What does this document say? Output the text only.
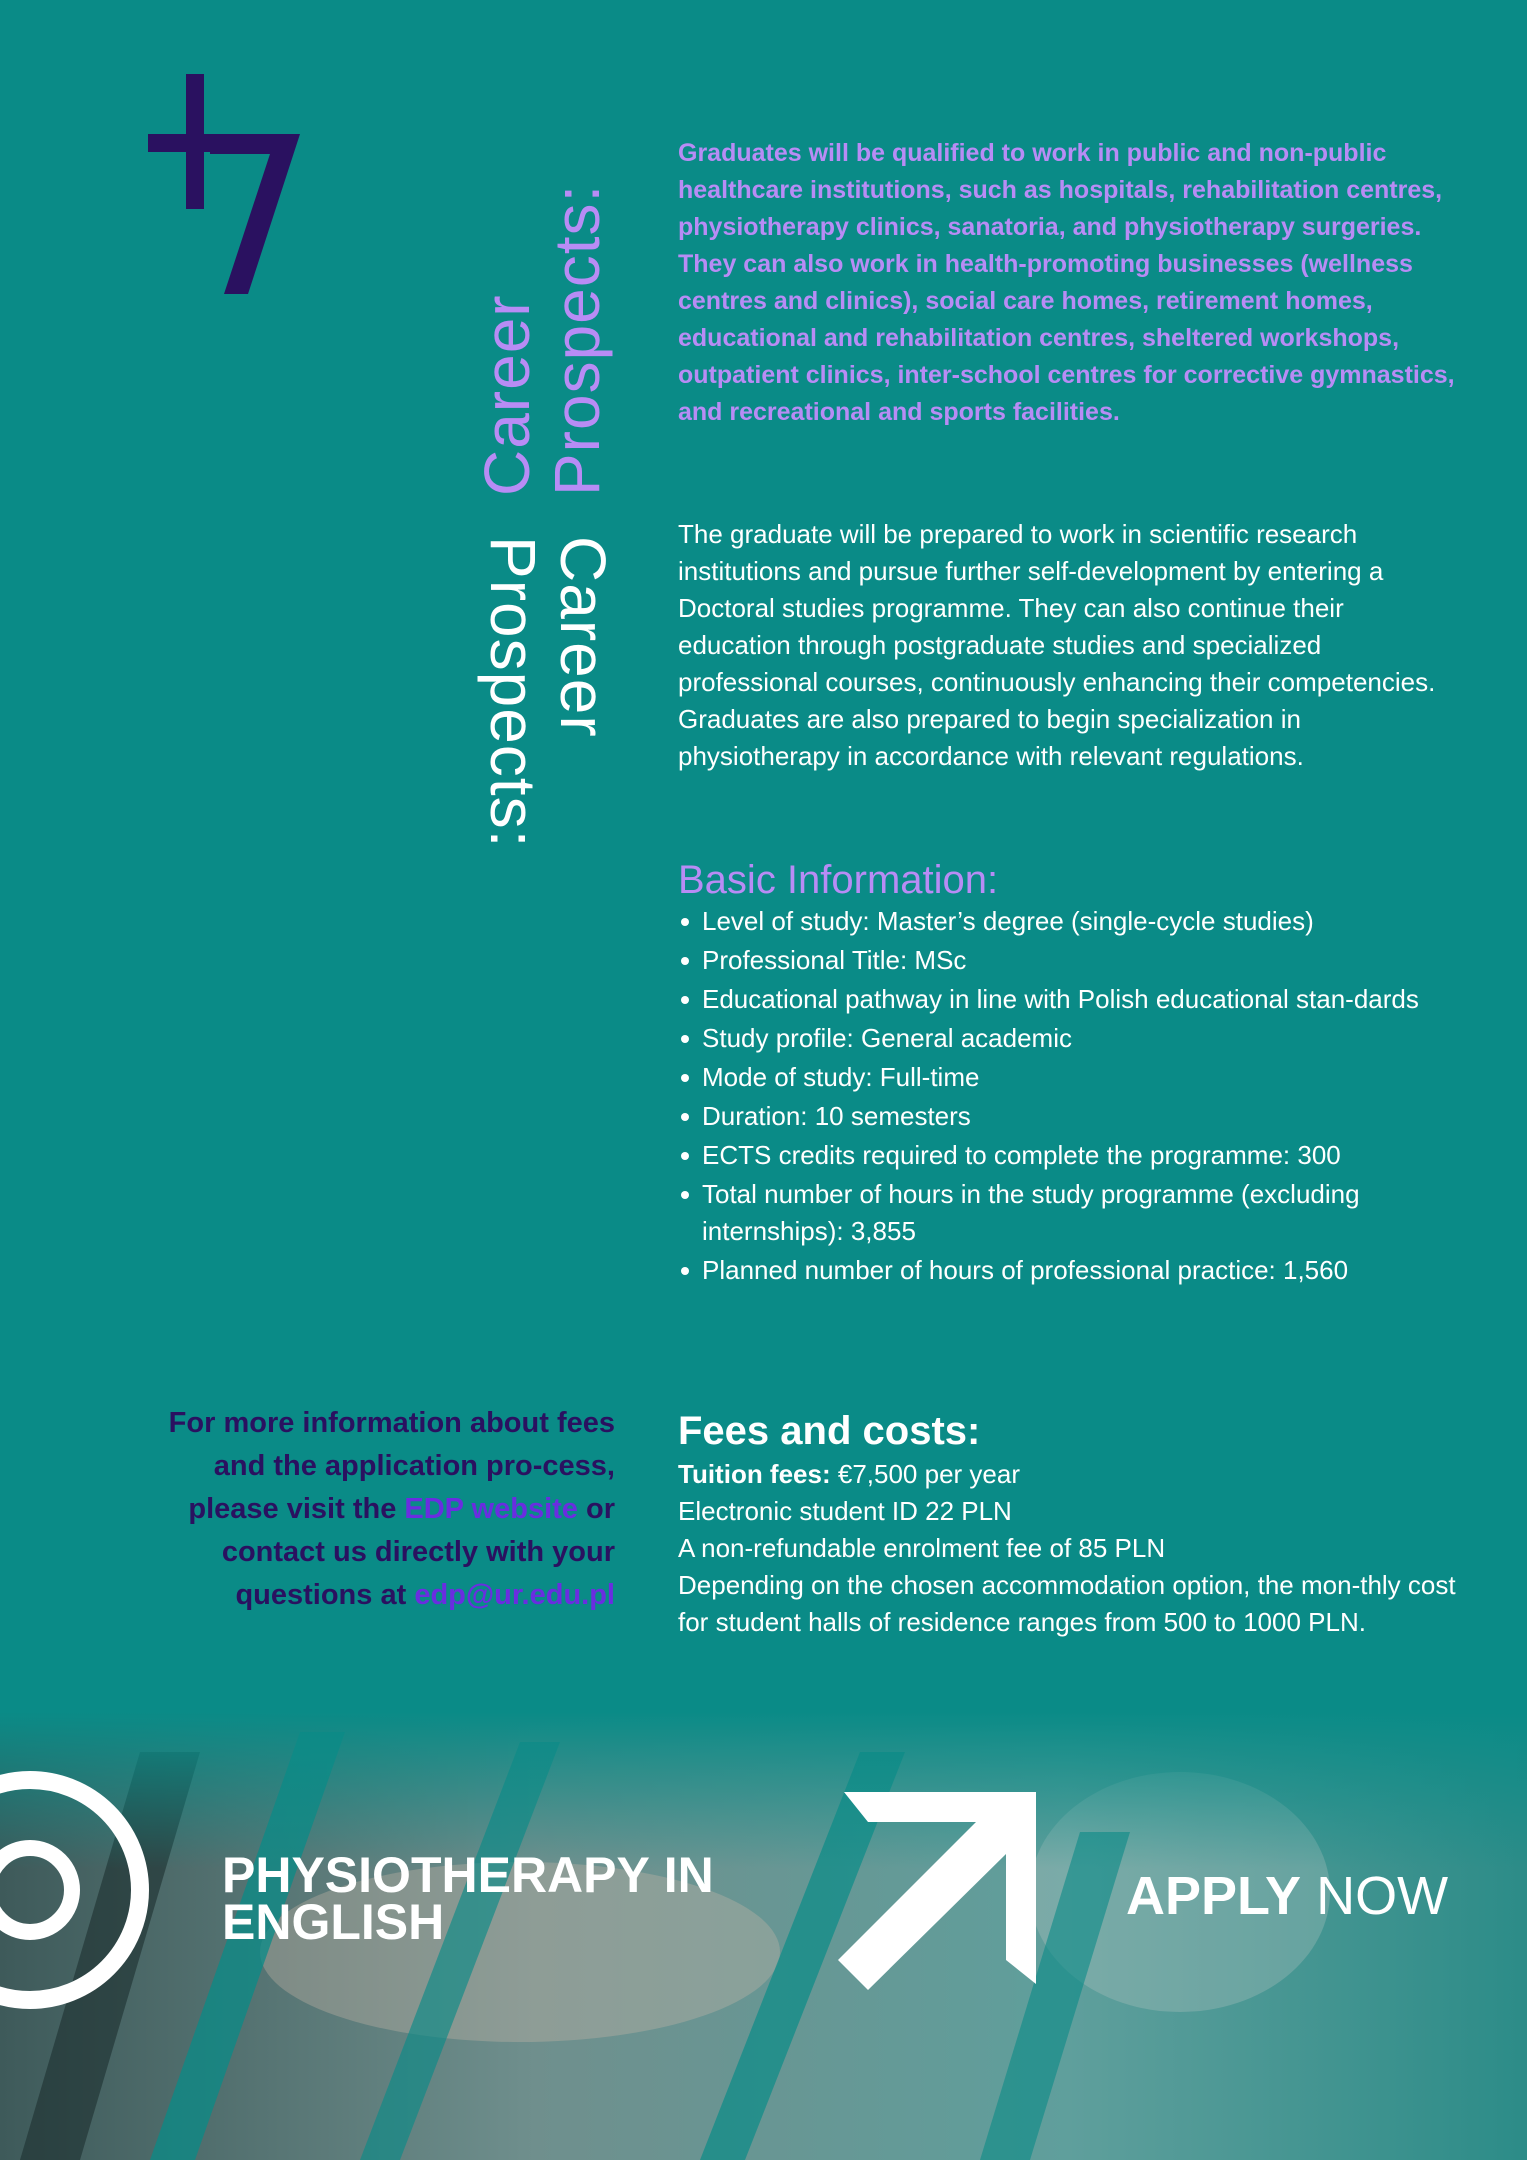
Career
Prospects:
Career
Prospects:

Graduates will be qualified to work in public and non-public healthcare institutions, such as hospitals, rehabilitation centres, physiotherapy clinics, sanatoria, and physiotherapy surgeries. They can also work in health-promoting businesses (wellness centres and clinics), social care homes, retirement homes, educational and rehabilitation centres, sheltered workshops, outpatient clinics, inter-school centres for corrective gymnastics, and recreational and sports facilities.

The graduate will be prepared to work in scientific research institutions and pursue further self-development by entering a Doctoral studies programme. They can also continue their education through postgraduate studies and specialized professional courses, continuously enhancing their competencies. Graduates are also prepared to begin specialization in physiotherapy in accordance with relevant regulations.

Basic Information:
Level of study: Master’s degree (single-cycle studies)
Professional Title: MSc
Educational pathway in line with Polish educational stan-dards
Study profile: General academic
Mode of study: Full-time
Duration: 10 semesters
ECTS credits required to complete the programme: 300
Total number of hours in the study programme (excluding internships): 3,855
Planned number of hours of professional practice: 1,560

For more information about fees and the application pro-cess, please visit the EDP website or contact us directly with your questions at edp@ur.edu.pl

Fees and costs:
Tuition fees: €7,500 per year
Electronic student ID 22 PLN
A non-refundable enrolment fee of 85 PLN
Depending on the chosen accommodation option, the mon-thly cost for student halls of residence ranges from 500 to 1000 PLN.
PHYSIOTHERAPY IN
ENGLISH	APPLY NOW
